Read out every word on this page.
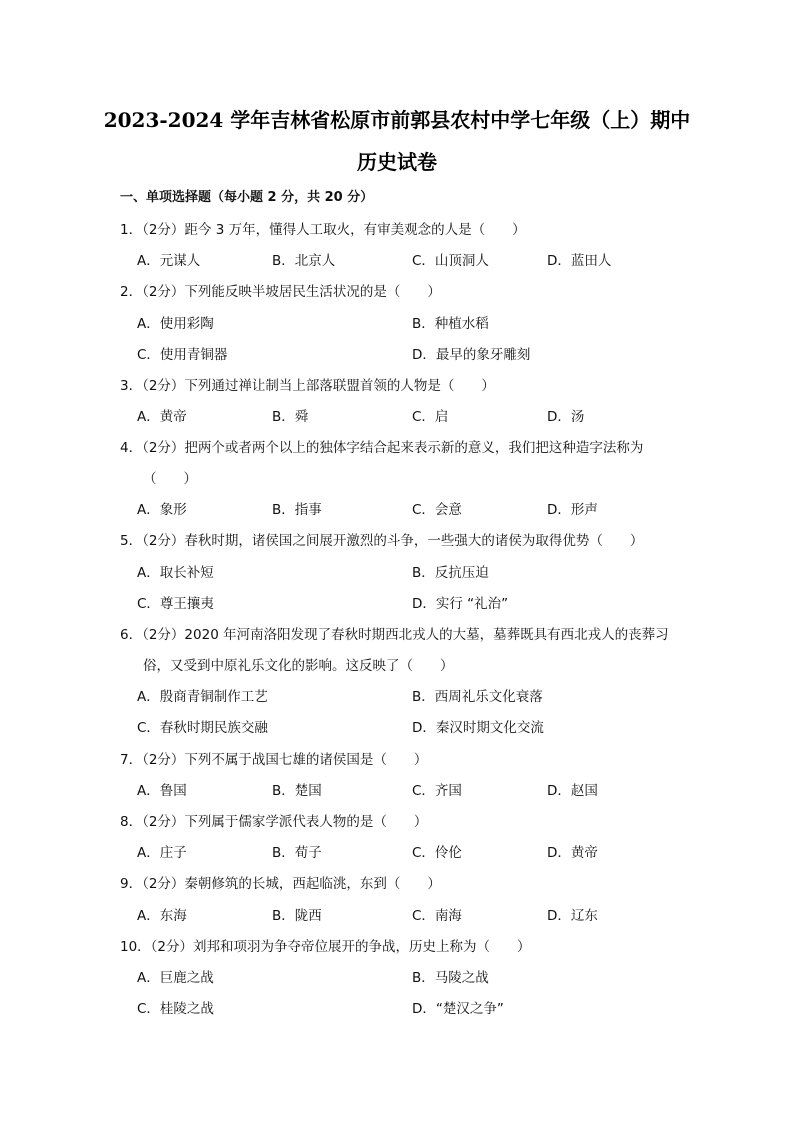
2023-2024 学年吉林省松原市前郭县农村中学七年级（上）期中
历史试卷
一、单项选择题（每小题 2 分，共 20 分）
1．（2分）距今 3 万年，懂得人工取火，有审美观念的人是（　　）
A．元谋人	B．北京人	C．山顶洞人	D．蓝田人
2．（2分）下列能反映半坡居民生活状况的是（　　）
A．使用彩陶	B．种植水稻
C．使用青铜器	D．最早的象牙雕刻
3．（2分）下列通过禅让制当上部落联盟首领的人物是（　　）
A．黄帝	B．舜	C．启	D．汤
4．（2分）把两个或者两个以上的独体字结合起来表示新的意义，我们把这种造字法称为
（　　）
A．象形	B．指事	C．会意	D．形声
5．（2分）春秋时期，诸侯国之间展开激烈的斗争，一些强大的诸侯为取得优势（　　）
A．取长补短	B．反抗压迫
C．尊王攘夷	D．实行 “礼治”
6．（2分）2020 年河南洛阳发现了春秋时期西北戎人的大墓，墓葬既具有西北戎人的丧葬习
俗，又受到中原礼乐文化的影响。这反映了（　　）
A．殷商青铜制作工艺	B．西周礼乐文化衰落
C．春秋时期民族交融	D．秦汉时期文化交流
7．（2分）下列不属于战国七雄的诸侯国是（　　）
A．鲁国	B．楚国	C．齐国	D．赵国
8．（2分）下列属于儒家学派代表人物的是（　　）
A．庄子	B．荀子	C．伶伦	D．黄帝
9．（2分）秦朝修筑的长城，西起临洮，东到（　　）
A．东海	B．陇西	C．南海	D．辽东
10．（2分）刘邦和项羽为争夺帝位展开的争战，历史上称为（　　）
A．巨鹿之战	B．马陵之战
C．桂陵之战	D．“楚汉之争”
